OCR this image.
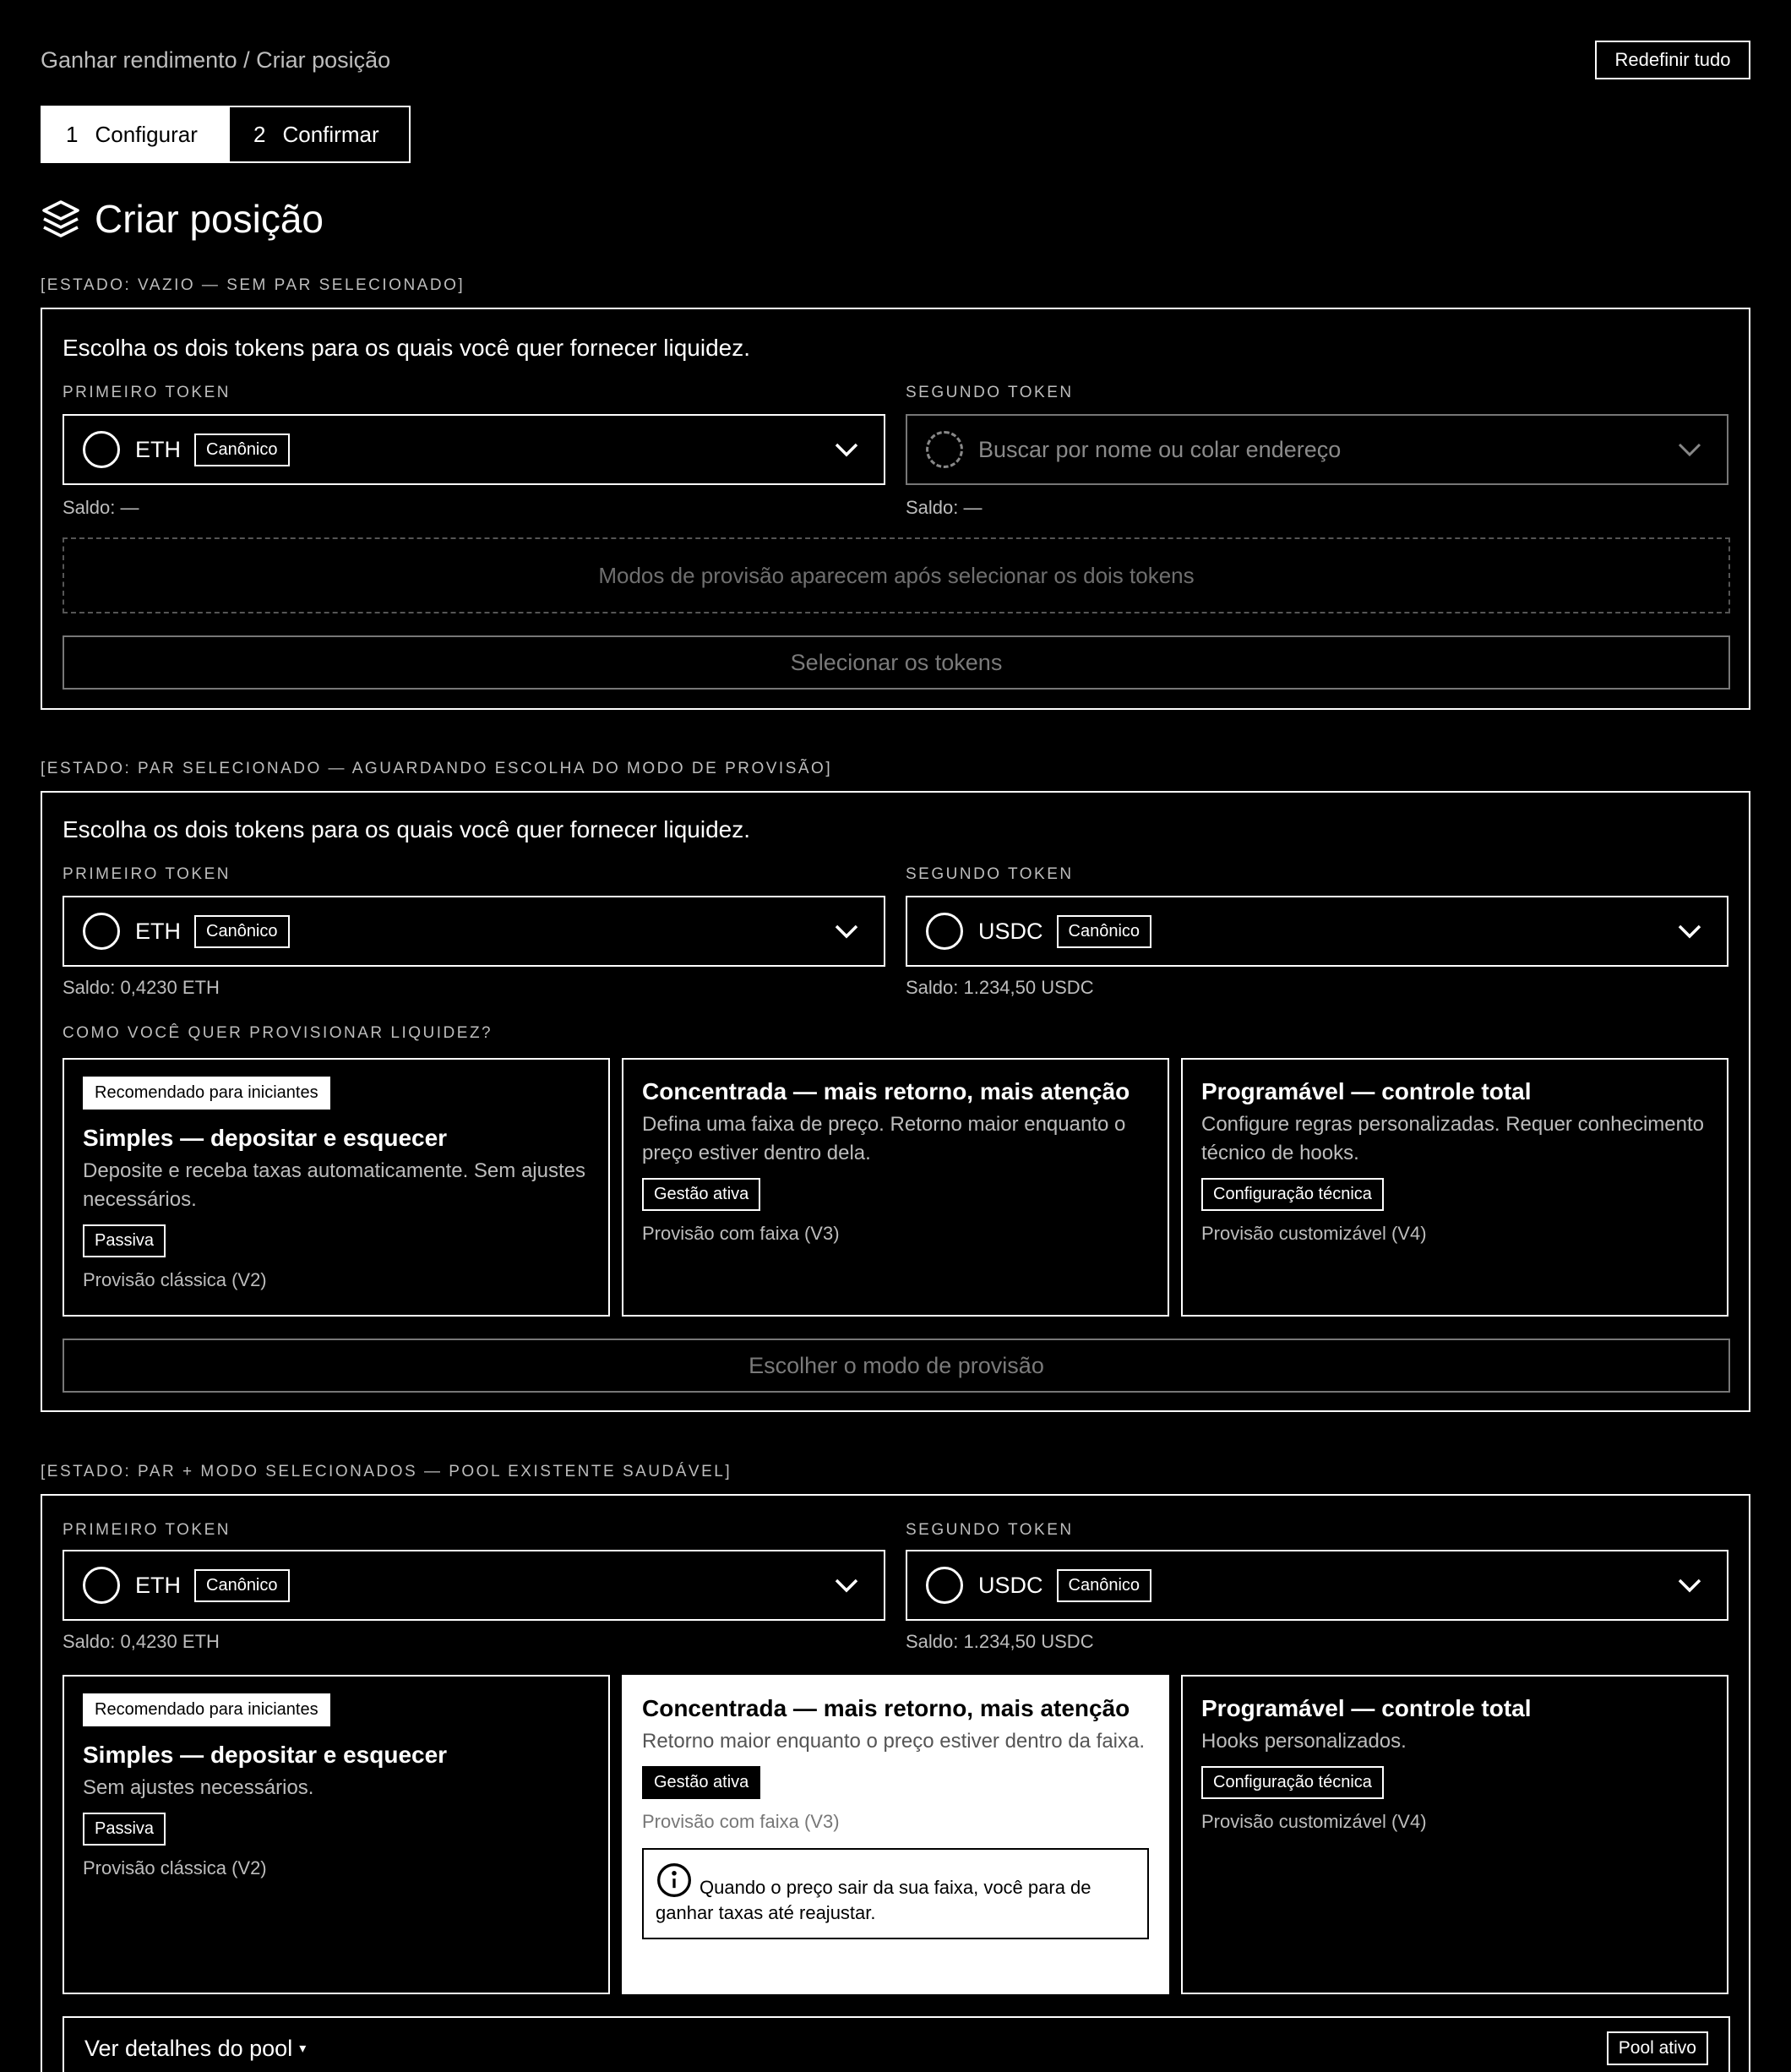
Ganhar rendimento / Criar posição	Redefinir tudo
1 Configurar	2 Confirmar
Criar posição
[ESTADO: VAZIO — SEM PAR SELECIONADO]
Escolha os dois tokens para os quais você quer fornecer liquidez.
PRIMEIRO TOKEN	SEGUNDO TOKEN
ETH	Canônico	Buscar por nome ou colar endereço
Saldo: —	Saldo: —
Modos de provisão aparecem após selecionar os dois tokens
Selecionar os tokens
[ESTADO: PAR SELECIONADO — AGUARDANDO ESCOLHA DO MODO DE PROVISÃO]
Escolha os dois tokens para os quais você quer fornecer liquidez.
PRIMEIRO TOKEN	SEGUNDO TOKEN
ETH	Canônico	USDC	Canônico
Saldo: 0,4230 ETH	Saldo: 1.234,50 USDC
COMO VOCÊ QUER PROVISIONAR LIQUIDEZ?
Recomendado para iniciantes
Simples — depositar e esquecer
Deposite e receba taxas automaticamente. Sem ajustes necessários.
Passiva
Provisão clássica (V2)
Concentrada — mais retorno, mais atenção
Defina uma faixa de preço. Retorno maior enquanto o preço estiver dentro dela.
Gestão ativa
Provisão com faixa (V3)
Programável — controle total
Configure regras personalizadas. Requer conhecimento técnico de hooks.
Configuração técnica
Provisão customizável (V4)
Escolher o modo de provisão
[ESTADO: PAR + MODO SELECIONADOS — POOL EXISTENTE SAUDÁVEL]
PRIMEIRO TOKEN	SEGUNDO TOKEN
ETH	Canônico	USDC	Canônico
Saldo: 0,4230 ETH	Saldo: 1.234,50 USDC
Recomendado para iniciantes
Simples — depositar e esquecer
Sem ajustes necessários.
Passiva
Provisão clássica (V2)
Concentrada — mais retorno, mais atenção
Retorno maior enquanto o preço estiver dentro da faixa.
Gestão ativa
Provisão com faixa (V3)
Quando o preço sair da sua faixa, você para de ganhar taxas até reajustar.
Programável — controle total
Hooks personalizados.
Configuração técnica
Provisão customizável (V4)
Ver detalhes do pool ▾	Pool ativo
